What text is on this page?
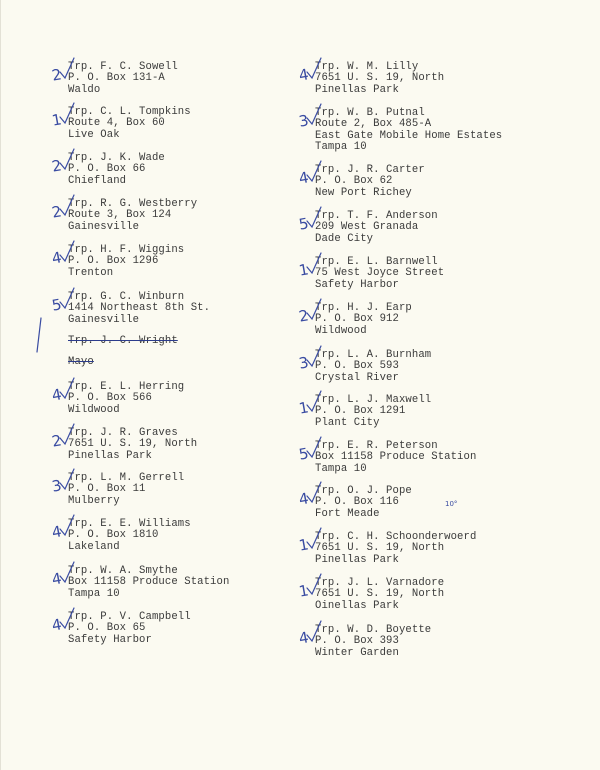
Trp. F. C. Sowell
P. O. Box 131-A
Waldo
2
Trp. C. L. Tompkins
Route 4, Box 60
Live Oak
1
Trp. J. K. Wade
P. O. Box 66
Chiefland
2
Trp. R. G. Westberry
Route 3, Box 124
Gainesville
2
Trp. H. F. Wiggins
P. O. Box 1296
Trenton
4
Trp. G. C. Winburn
1414 Northeast 8th St.
Gainesville
5
Trp. J. C. Wright
Mayo
Trp. E. L. Herring
P. O. Box 566
Wildwood
4
Trp. J. R. Graves
7651 U. S. 19, North
Pinellas Park
2
Trp. L. M. Gerrell
P. O. Box 11
Mulberry
3
Trp. E. E. Williams
P. O. Box 1810
Lakeland
4
Trp. W. A. Smythe
Box 11158 Produce Station
Tampa 10
4
Trp. P. V. Campbell
P. O. Box 65
Safety Harbor
4
Trp. W. M. Lilly
7651 U. S. 19, North
Pinellas Park
4
Trp. W. B. Putnal
Route 2, Box 485-A
East Gate Mobile Home Estates
Tampa 10
3
Trp. J. R. Carter
P. O. Box 62
New Port Richey
4
Trp. T. F. Anderson
209 West Granada
Dade City
5
Trp. E. L. Barnwell
75 West Joyce Street
Safety Harbor
1
Trp. H. J. Earp
P. O. Box 912
Wildwood
2
Trp. L. A. Burnham
P. O. Box 593
Crystal River
3
Trp. L. J. Maxwell
P. O. Box 1291
Plant City
1
Trp. E. R. Peterson
Box 11158 Produce Station
Tampa 10
5
Trp. O. J. Pope
P. O. Box 116
Fort Meade
4
Trp. C. H. Schoonderwoerd
7651 U. S. 19, North
Pinellas Park
1
Trp. J. L. Varnadore
7651 U. S. 19, North
Oinellas Park
1
Trp. W. D. Boyette
P. O. Box 393
Winter Garden
4
10°
